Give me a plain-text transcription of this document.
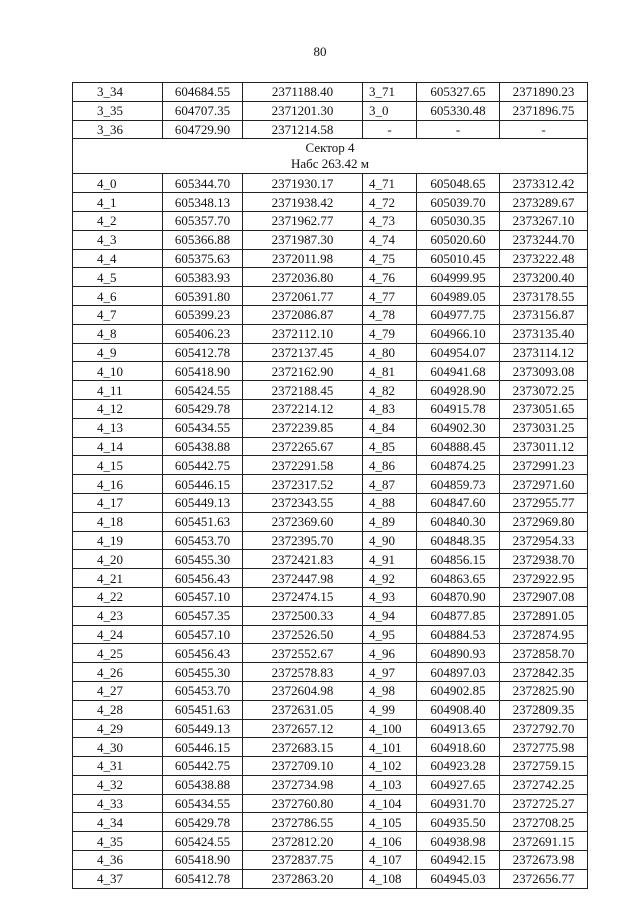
80
3_34	604684.55	2371188.40	3_71	605327.65	2371890.23
3_35	604707.35	2371201.30	3_0	605330.48	2371896.75
3_36	604729.90	2371214.58	-	-	-

Сектор 4
Набс 263.42 м					

4_0	605344.70	2371930.17	4_71	605048.65	2373312.42
4_1	605348.13	2371938.42	4_72	605039.70	2373289.67
4_2	605357.70	2371962.77	4_73	605030.35	2373267.10
4_3	605366.88	2371987.30	4_74	605020.60	2373244.70
4_4	605375.63	2372011.98	4_75	605010.45	2373222.48
4_5	605383.93	2372036.80	4_76	604999.95	2373200.40
4_6	605391.80	2372061.77	4_77	604989.05	2373178.55
4_7	605399.23	2372086.87	4_78	604977.75	2373156.87
4_8	605406.23	2372112.10	4_79	604966.10	2373135.40
4_9	605412.78	2372137.45	4_80	604954.07	2373114.12
4_10	605418.90	2372162.90	4_81	604941.68	2373093.08
4_11	605424.55	2372188.45	4_82	604928.90	2373072.25
4_12	605429.78	2372214.12	4_83	604915.78	2373051.65
4_13	605434.55	2372239.85	4_84	604902.30	2373031.25
4_14	605438.88	2372265.67	4_85	604888.45	2373011.12
4_15	605442.75	2372291.58	4_86	604874.25	2372991.23
4_16	605446.15	2372317.52	4_87	604859.73	2372971.60
4_17	605449.13	2372343.55	4_88	604847.60	2372955.77
4_18	605451.63	2372369.60	4_89	604840.30	2372969.80
4_19	605453.70	2372395.70	4_90	604848.35	2372954.33
4_20	605455.30	2372421.83	4_91	604856.15	2372938.70
4_21	605456.43	2372447.98	4_92	604863.65	2372922.95
4_22	605457.10	2372474.15	4_93	604870.90	2372907.08
4_23	605457.35	2372500.33	4_94	604877.85	2372891.05
4_24	605457.10	2372526.50	4_95	604884.53	2372874.95
4_25	605456.43	2372552.67	4_96	604890.93	2372858.70
4_26	605455.30	2372578.83	4_97	604897.03	2372842.35
4_27	605453.70	2372604.98	4_98	604902.85	2372825.90
4_28	605451.63	2372631.05	4_99	604908.40	2372809.35
4_29	605449.13	2372657.12	4_100	604913.65	2372792.70
4_30	605446.15	2372683.15	4_101	604918.60	2372775.98
4_31	605442.75	2372709.10	4_102	604923.28	2372759.15
4_32	605438.88	2372734.98	4_103	604927.65	2372742.25
4_33	605434.55	2372760.80	4_104	604931.70	2372725.27
4_34	605429.78	2372786.55	4_105	604935.50	2372708.25
4_35	605424.55	2372812.20	4_106	604938.98	2372691.15
4_36	605418.90	2372837.75	4_107	604942.15	2372673.98
4_37	605412.78	2372863.20	4_108	604945.03	2372656.77
